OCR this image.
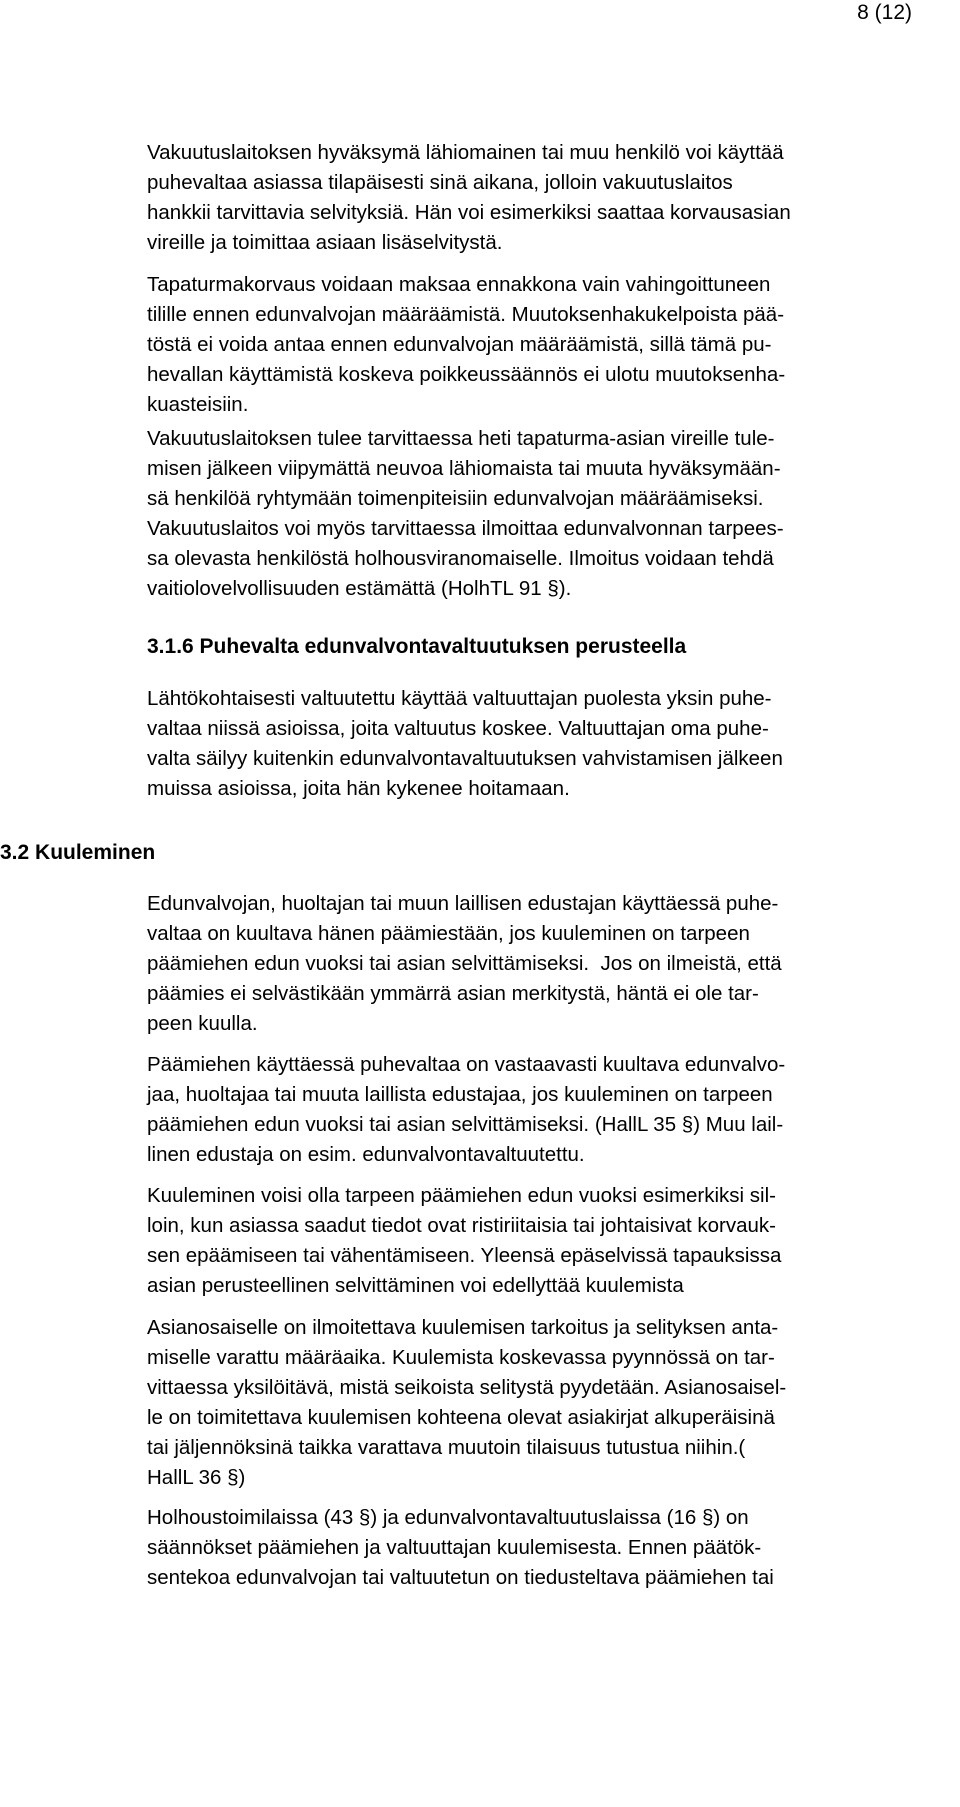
8 (12)
Vakuutuslaitoksen hyväksymä lähiomainen tai muu henkilö voi käyttää
puhevaltaa asiassa tilapäisesti sinä aikana, jolloin vakuutuslaitos
hankkii tarvittavia selvityksiä. Hän voi esimerkiksi saattaa korvausasian
vireille ja toimittaa asiaan lisäselvitystä.
Tapaturmakorvaus voidaan maksaa ennakkona vain vahingoittuneen
tilille ennen edunvalvojan määräämistä. Muutoksenhakukelpoista pää-
töstä ei voida antaa ennen edunvalvojan määräämistä, sillä tämä pu-
hevallan käyttämistä koskeva poikkeussäännös ei ulotu muutoksenha-
kuasteisiin.
Vakuutuslaitoksen tulee tarvittaessa heti tapaturma-asian vireille tule-
misen jälkeen viipymättä neuvoa lähiomaista tai muuta hyväksymään-
sä henkilöä ryhtymään toimenpiteisiin edunvalvojan määräämiseksi.
Vakuutuslaitos voi myös tarvittaessa ilmoittaa edunvalvonnan tarpees-
sa olevasta henkilöstä holhousviranomaiselle. Ilmoitus voidaan tehdä
vaitiolovelvollisuuden estämättä (HolhTL 91 §).
3.1.6 Puhevalta edunvalvontavaltuutuksen perusteella
Lähtökohtaisesti valtuutettu käyttää valtuuttajan puolesta yksin puhe-
valtaa niissä asioissa, joita valtuutus koskee. Valtuuttajan oma puhe-
valta säilyy kuitenkin edunvalvontavaltuutuksen vahvistamisen jälkeen
muissa asioissa, joita hän kykenee hoitamaan.
3.2 Kuuleminen
Edunvalvojan, huoltajan tai muun laillisen edustajan käyttäessä puhe-
valtaa on kuultava hänen päämiestään, jos kuuleminen on tarpeen
päämiehen edun vuoksi tai asian selvittämiseksi.  Jos on ilmeistä, että
päämies ei selvästikään ymmärrä asian merkitystä, häntä ei ole tar-
peen kuulla.
Päämiehen käyttäessä puhevaltaa on vastaavasti kuultava edunvalvo-
jaa, huoltajaa tai muuta laillista edustajaa, jos kuuleminen on tarpeen
päämiehen edun vuoksi tai asian selvittämiseksi. (HallL 35 §) Muu lail-
linen edustaja on esim. edunvalvontavaltuutettu.
Kuuleminen voisi olla tarpeen päämiehen edun vuoksi esimerkiksi sil-
loin, kun asiassa saadut tiedot ovat ristiriitaisia tai johtaisivat korvauk-
sen epäämiseen tai vähentämiseen. Yleensä epäselvissä tapauksissa
asian perusteellinen selvittäminen voi edellyttää kuulemista
Asianosaiselle on ilmoitettava kuulemisen tarkoitus ja selityksen anta-
miselle varattu määräaika. Kuulemista koskevassa pyynnössä on tar-
vittaessa yksilöitävä, mistä seikoista selitystä pyydetään. Asianosaisel-
le on toimitettava kuulemisen kohteena olevat asiakirjat alkuperäisinä
tai jäljennöksinä taikka varattava muutoin tilaisuus tutustua niihin.(
HallL 36 §)
Holhoustoimilaissa (43 §) ja edunvalvontavaltuutuslaissa (16 §) on
säännökset päämiehen ja valtuuttajan kuulemisesta. Ennen päätök-
sentekoa edunvalvojan tai valtuutetun on tiedusteltava päämiehen tai
